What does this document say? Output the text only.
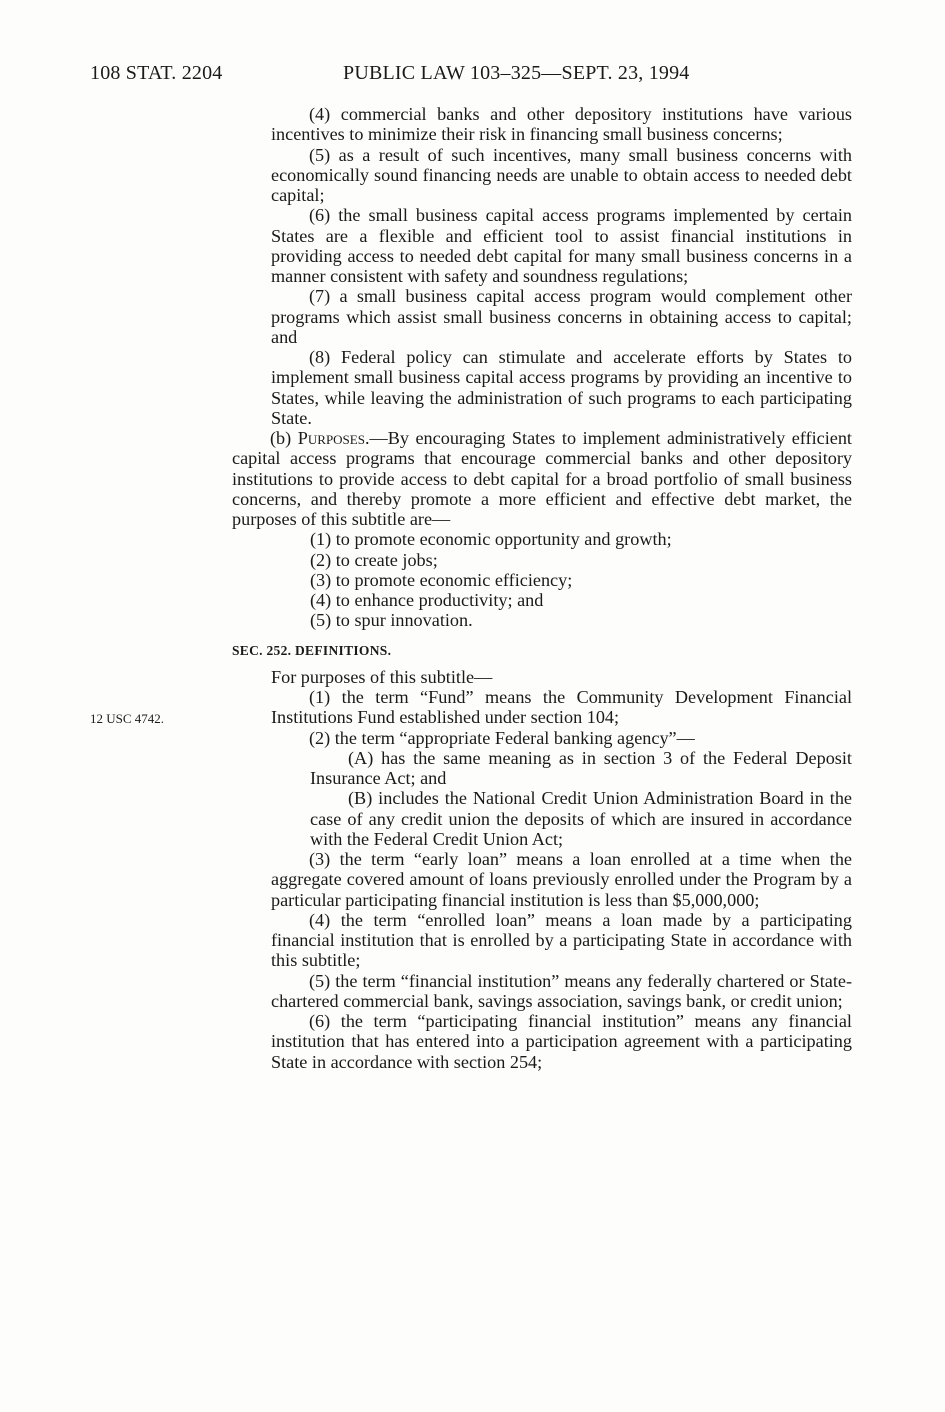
108 STAT. 2204	PUBLIC LAW 103–325—SEPT. 23, 1994
12 USC 4742.

(4) commercial banks and other depository institutions have various incentives to minimize their risk in financing small business concerns;

(5) as a result of such incentives, many small business concerns with economically sound financing needs are unable to obtain access to needed debt capital;

(6) the small business capital access programs implemented by certain States are a flexible and efficient tool to assist financial institutions in providing access to needed debt capital for many small business concerns in a manner consistent with safety and soundness regulations;

(7) a small business capital access program would complement other programs which assist small business concerns in obtaining access to capital; and

(8) Federal policy can stimulate and accelerate efforts by States to implement small business capital access programs by providing an incentive to States, while leaving the administration of such programs to each participating State.

(b) Purposes.—By encouraging States to implement administratively efficient capital access programs that encourage commercial banks and other depository institutions to provide access to debt capital for a broad portfolio of small business concerns, and thereby promote a more efficient and effective debt market, the purposes of this subtitle are—

(1) to promote economic opportunity and growth;

(2) to create jobs;

(3) to promote economic efficiency;

(4) to enhance productivity; and

(5) to spur innovation.

SEC. 252. DEFINITIONS.

For purposes of this subtitle—

(1) the term “Fund” means the Community Development Financial Institutions Fund established under section 104;

(2) the term “appropriate Federal banking agency”—

(A) has the same meaning as in section 3 of the Federal Deposit Insurance Act; and

(B) includes the National Credit Union Administration Board in the case of any credit union the deposits of which are insured in accordance with the Federal Credit Union Act;

(3) the term “early loan” means a loan enrolled at a time when the aggregate covered amount of loans previously enrolled under the Program by a particular participating financial institution is less than $5,000,000;

(4) the term “enrolled loan” means a loan made by a participating financial institution that is enrolled by a participating State in accordance with this subtitle;

(5) the term “financial institution” means any federally chartered or State-chartered commercial bank, savings association, savings bank, or credit union;

(6) the term “participating financial institution” means any financial institution that has entered into a participation agreement with a participating State in accordance with section 254;
